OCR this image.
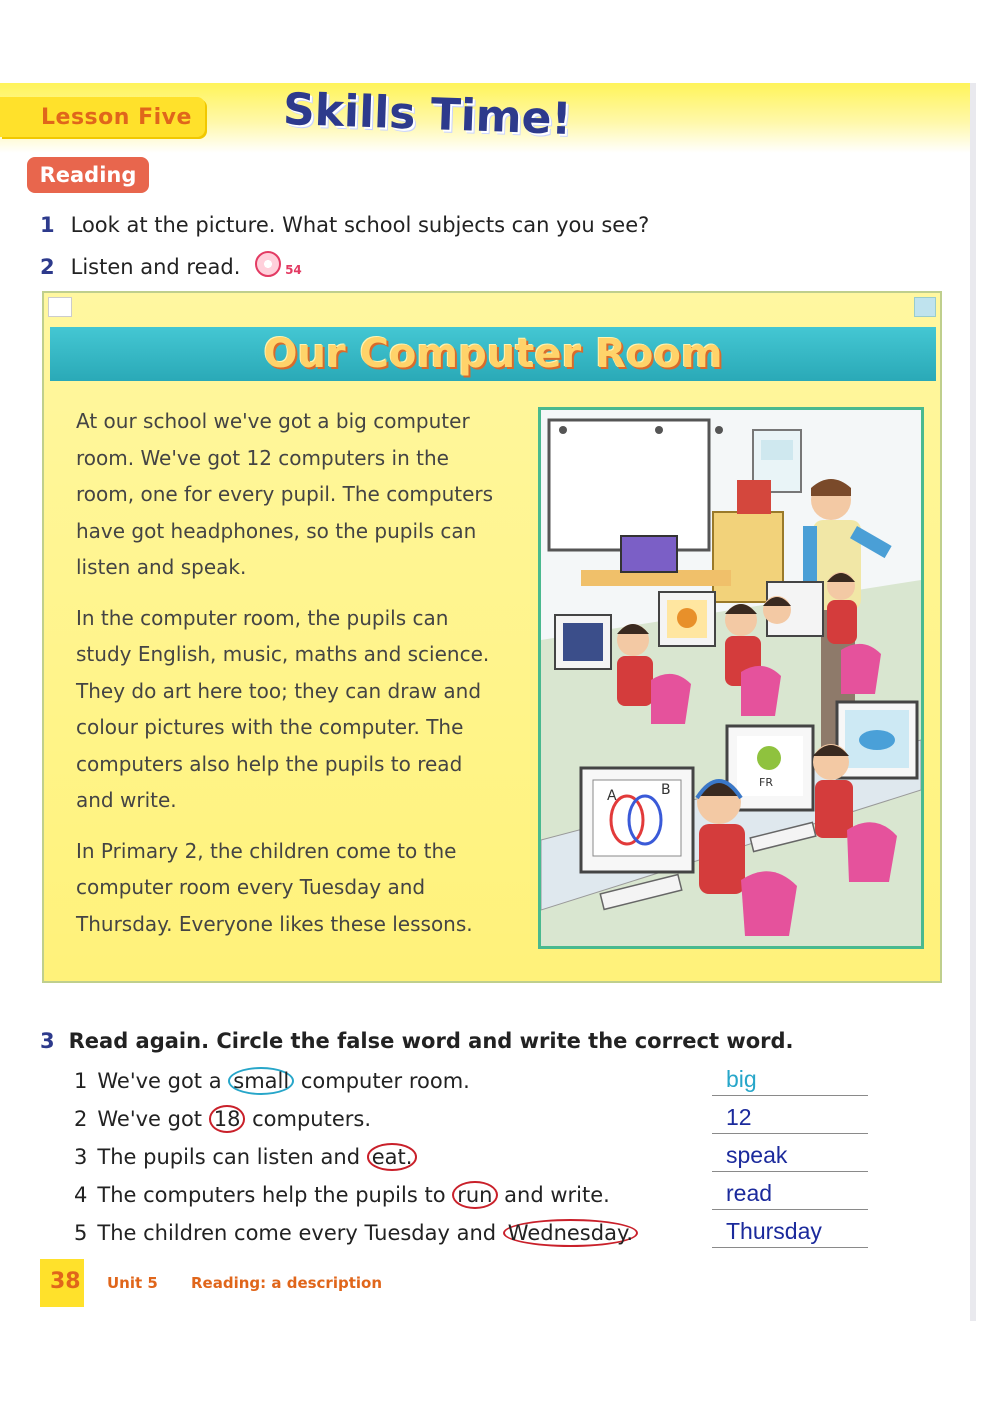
Lesson Five Skills Time!
Reading
1 Look at the picture. What school subjects can you see?
2 Listen and read.	54
Our Computer Room

At our school we've got a big computer room. We've got 12 computers in the room, one for every pupil. The computers have got headphones, so the pupils can listen and speak.

In the computer room, the pupils can study English, music, maths and science. They do art here too; they can draw and colour pictures with the computer. The computers also help the pupils to read and write.

In Primary 2, the children come to the computer room every Tuesday and Thursday. Everyone likes these lessons.

A	B	FR
3 Read again. Circle the false word and write the correct word.
1 We've got a small computer room.	big
2 We've got 18 computers.	12
3 The pupils can listen and eat.	speak
4 The computers help the pupils to run and write.	read
5 The children come every Tuesday and Wednesday.	Thursday
38 Unit 5 Reading: a description
